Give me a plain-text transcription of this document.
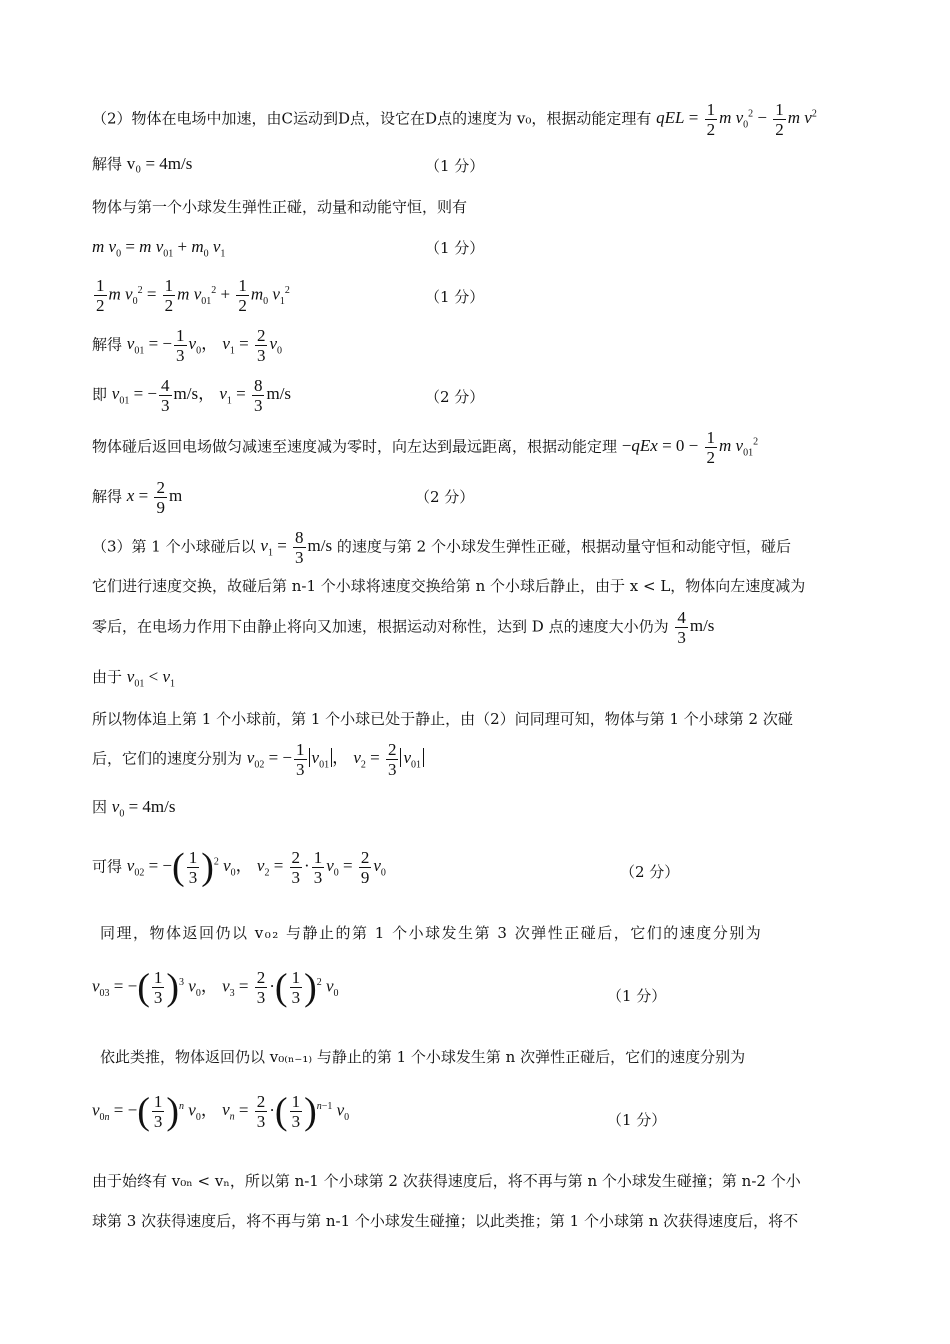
（2）物体在电场中加速，由C运动到D点，设它在D点的速度为 v₀，根据动能定理有 qEL = $\frac{1}{2}$ m $v_0^2 - \frac{1}{2}$ m $v^2$
解得 v₀ = 4m/s	（1 分）
物体与第一个小球发生弹性正碰，动量和动能守恒，则有
m $v_0 = m$ $v_{01} + m_0$ $v_1$	（1 分）
$\frac{1}{2}$ m $v_0^2 = \frac{1}{2}$ m $v_{01}^2 + \frac{1}{2} m_0$ $v_1^2$	（1 分）
解得 $v_{01}$ = − $\frac{1}{3} v_0$， $v_1 = \frac{2}{3} v_0$
即 $v_{01}$ = − $\frac{4}{3} m/s$， $v_1 = \frac{8}{3} m/s$	（2 分）
物体碰后返回电场做匀减速至速度减为零时，向左达到最远距离，根据动能定理 $-qEx = 0 - \frac{1}{2}$ m $v_{01}^2$
解得 $x = \frac{2}{9}$ m	（2 分）
（3）第 1 个小球碰后以 $v_1 = \frac{8}{3} m/s$ 的速度与第 2 个小球发生弹性正碰，根据动量守恒和动能守恒，碰后
它们进行速度交换，故碰后第 n-1 个小球将速度交换给第 n 个小球后静止，由于 x < L，物体向左速度减为
零后，在电场力作用下由静止将向又加速，根据运动对称性，达到 D 点的速度大小仍为 $\frac{4}{3} m/s$
由于 $v_{01} < v_1$
所以物体追上第 1 个小球前，第 1 个小球已处于静止，由（2）问同理可知，物体与第 1 个小球第 2 次碰
后，它们的速度分别为 $v_{02}$ = − $\frac{1}{3} v_{01}$ ， $v_2 = \frac{2}{3} v_{01}$
因 $v_0 = 4m/s$
可得 $v_{02}$ = −( $\frac{1}{3} )^2$ $v_0$， $v_2 = \frac{2}{3} \cdot \frac{1}{3} v_0 = \frac{2}{9} v_0$	（2 分）
同理，物体返回仍以 v₀₂ 与静止的第 1 个小球发生第 3 次弹性正碰后，它们的速度分别为
$v_{03}$ = −( $\frac{1}{3} )^3$ $v_0$， $v_3 = \frac{2}{3}$ ·( $\frac{1}{3} )^2$ $v_0$	（1 分）
依此类推，物体返回仍以 v₀₍ₙ₋₁₎ 与静止的第 1 个小球发生第 n 次弹性正碰后，它们的速度分别为
$v_{0n}$ = −( $\frac{1}{3} )^n$ $v_0$， $v_n = \frac{2}{3}$ ·( $\frac{1}{3} )^{n-1}$ $v_0$	（1 分）
由于始终有 v₀ₙ < vₙ，所以第 n-1 个小球第 2 次获得速度后，将不再与第 n 个小球发生碰撞；第 n-2 个小
球第 3 次获得速度后，将不再与第 n-1 个小球发生碰撞；以此类推；第 1 个小球第 n 次获得速度后，将不
